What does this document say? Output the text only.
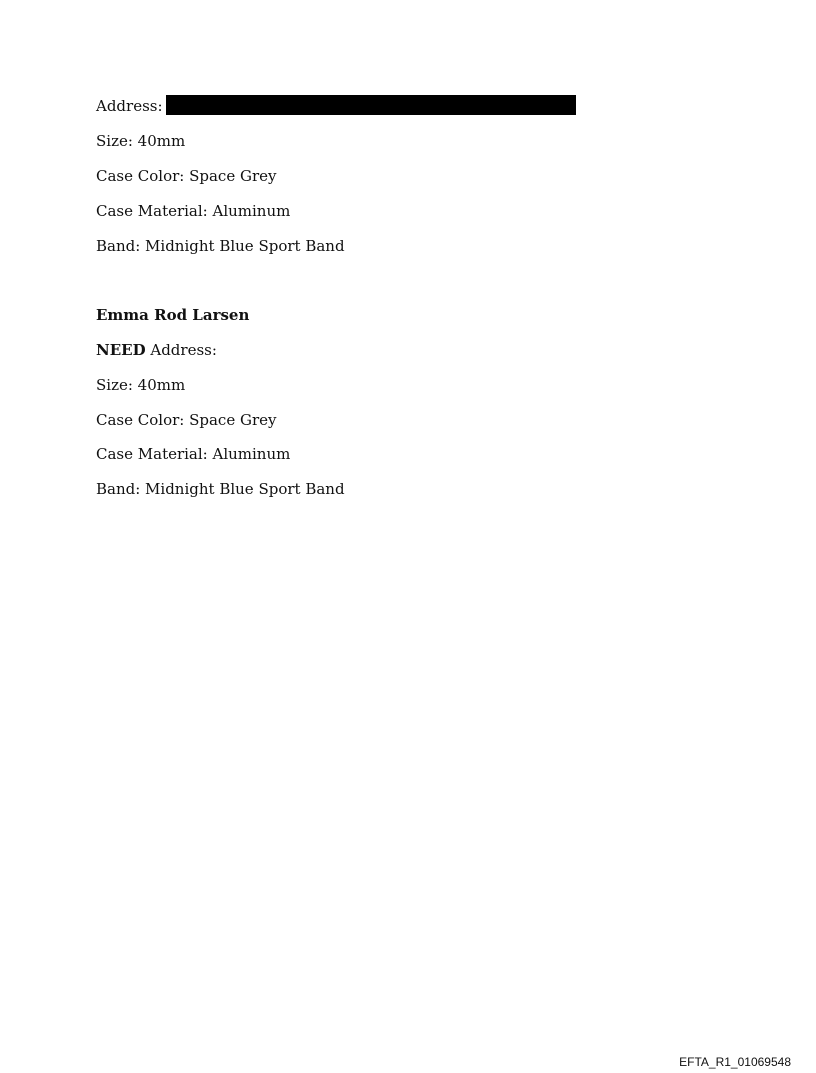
Address:
Size: 40mm
Case Color: Space Grey
Case Material: Aluminum
Band: Midnight Blue Sport Band
Emma Rod Larsen
NEED Address:
Size: 40mm
Case Color: Space Grey
Case Material: Aluminum
Band: Midnight Blue Sport Band
EFTA_R1_01069548
